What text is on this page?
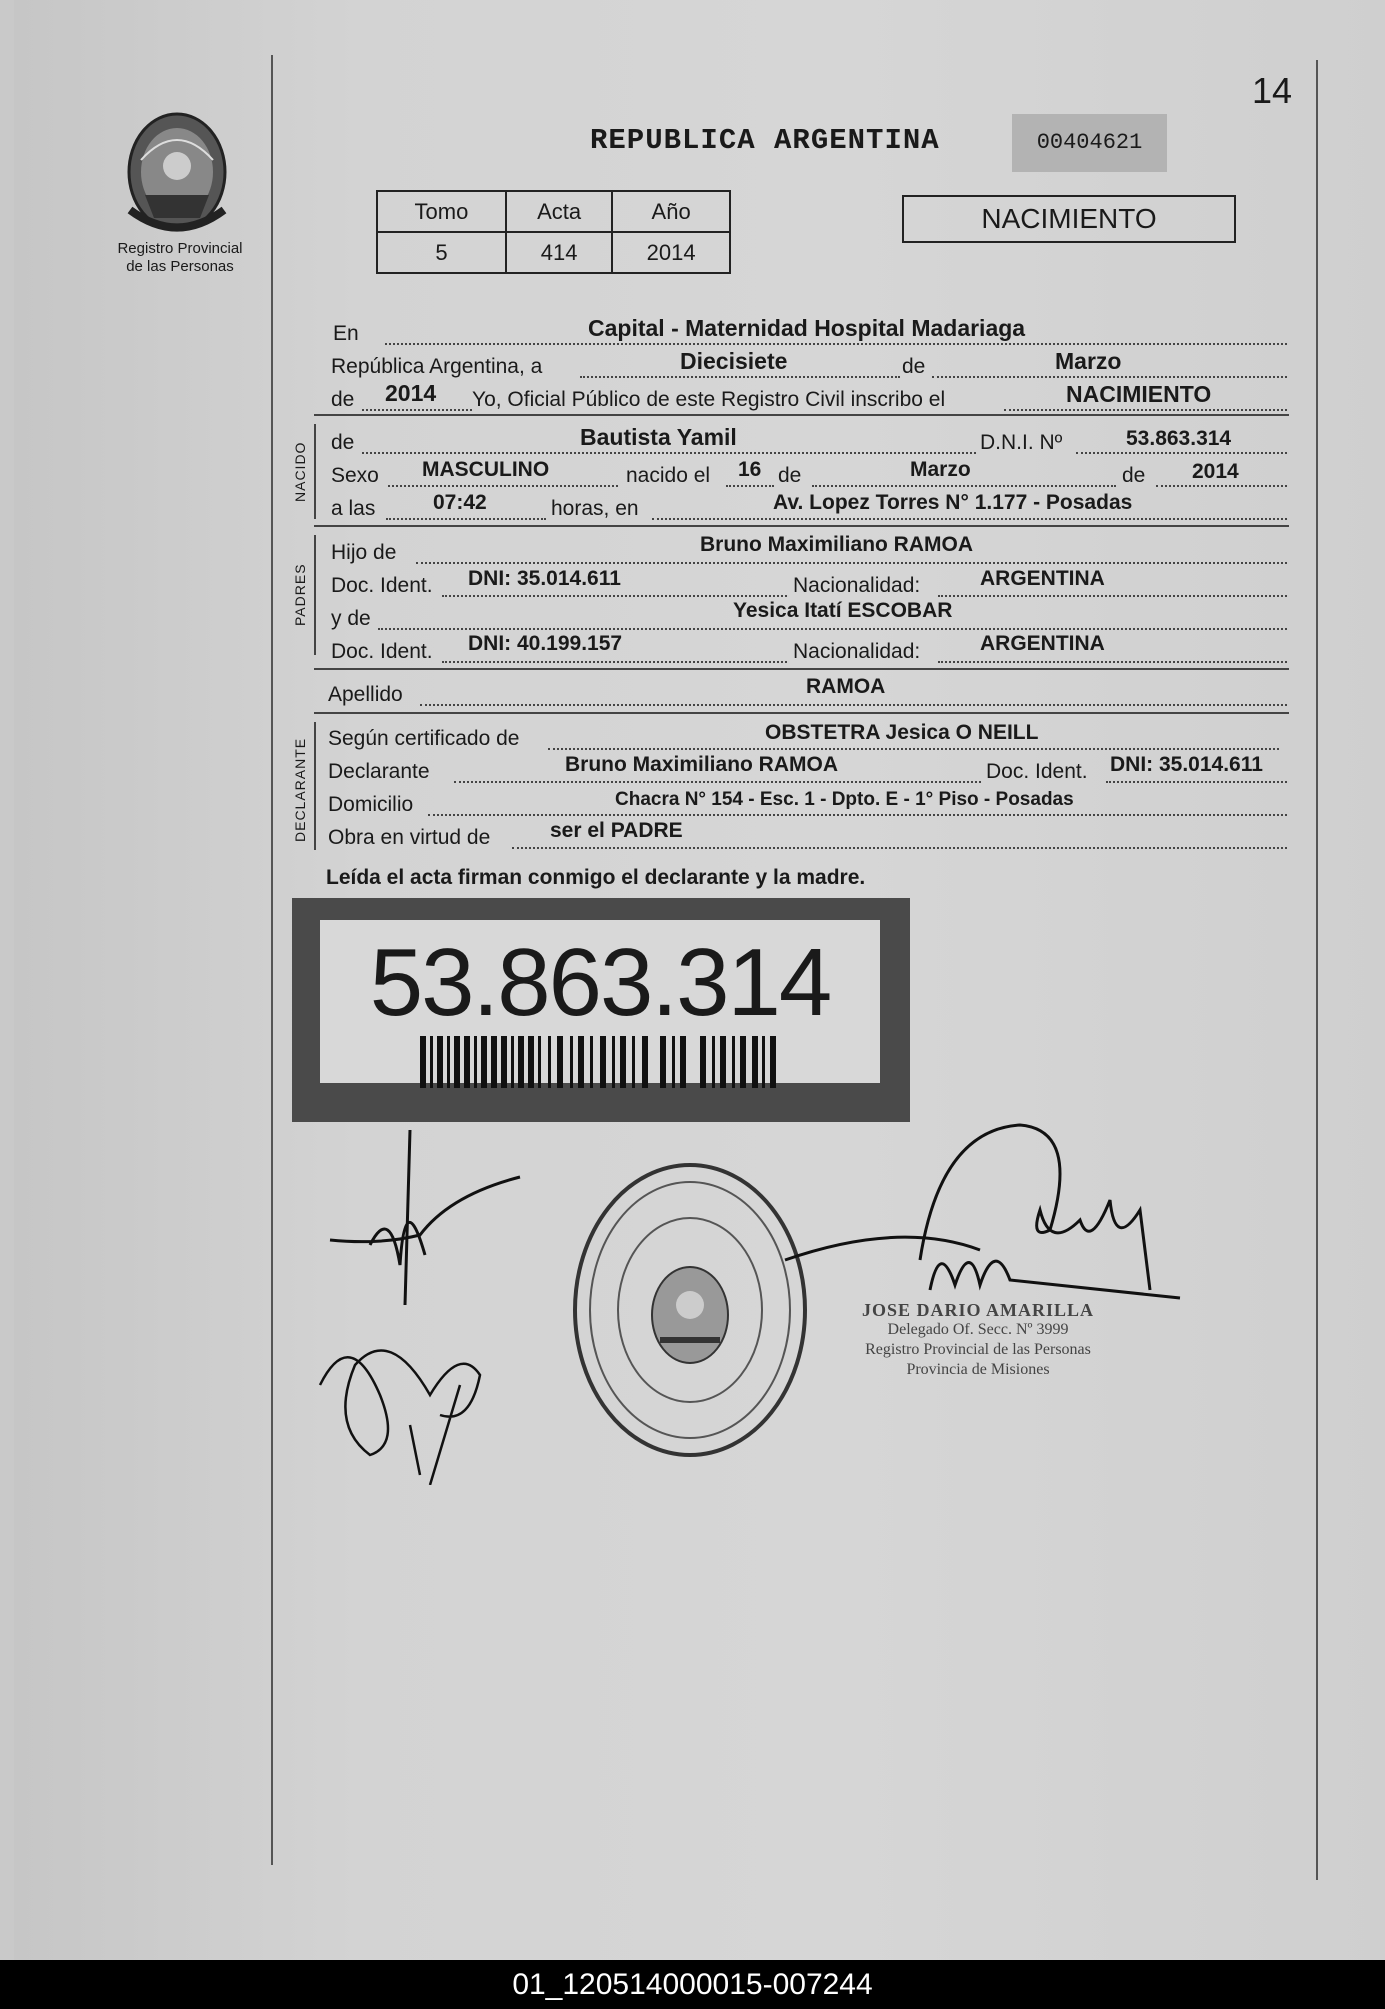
14
Registro Provincial
de las Personas
REPUBLICA ARGENTINA	00404621
Tomo	Acta	Año
5	414	2014
NACIMIENTO
En	Capital - Maternidad Hospital Madariaga
República Argentina, a	Diecisiete	de	Marzo
de 2014 Yo, Oficial Público de este Registro Civil inscribo el	NACIMIENTO
NACIDO de	Bautista Yamil	D.N.I. Nº	53.863.314
Sexo MASCULINO	nacido el 16 de	Marzo	de 2014
a las	07:42	horas, en	Av. Lopez Torres N° 1.177 - Posadas
PADRES
Hijo de	Bruno Maximiliano RAMOA
Doc. Ident. DNI: 35.014.611	Nacionalidad:	ARGENTINA
y de	Yesica Itatí ESCOBAR
Doc. Ident. DNI: 40.199.157	Nacionalidad:	ARGENTINA
Apellido	RAMOA
DECLARANTE Según certificado de	OBSTETRA Jesica O NEILL
Declarante	Bruno Maximiliano RAMOA	Doc. Ident. DNI: 35.014.611
Domicilio	Chacra N° 154 - Esc. 1 - Dpto. E - 1° Piso - Posadas
Obra en virtud de	ser el PADRE
Leída el acta firman conmigo el declarante y la madre.
53.863.314
JOSE DARIO AMARILLA
Delegado Of. Secc. Nº 3999
Registro Provincial de las Personas
Provincia de Misiones
01_120514000015-007244
